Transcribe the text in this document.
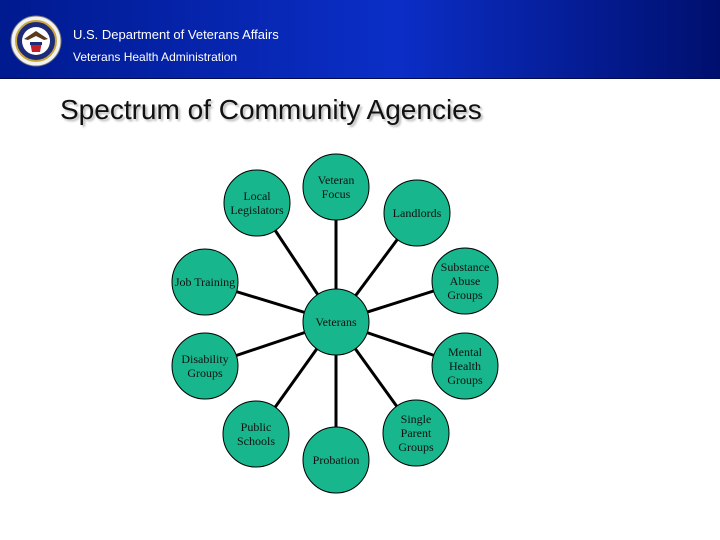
U.S. Department of Veterans Affairs
Veterans Health Administration
Spectrum of Community Agencies
Local
Legislators
Veteran
Focus
Landlords
Job Training
Substance
Abuse
Groups
Disability
Groups
Mental
Health
Groups
Public
Schools
Probation
Single
Parent
Groups
Veterans
